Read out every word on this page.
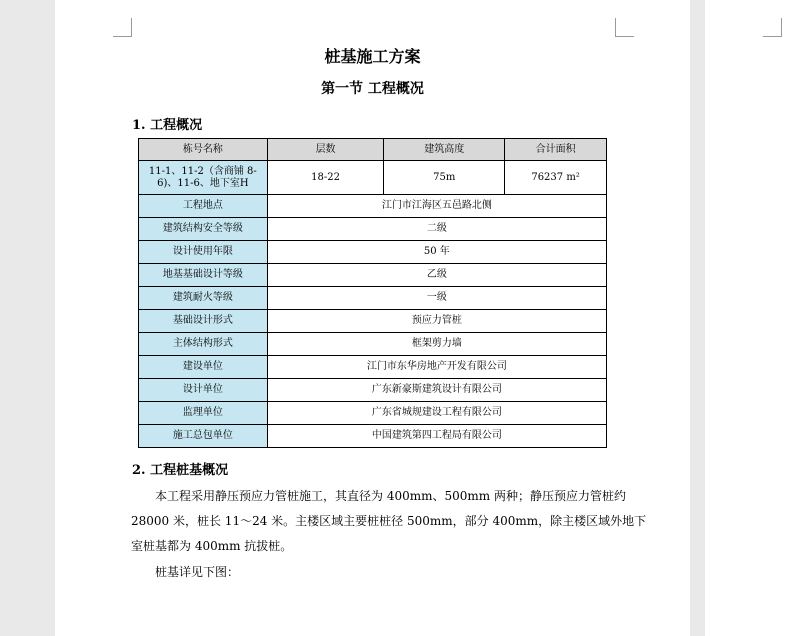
桩基施工方案
第一节 工程概况
1. 工程概况
栋号名称	层数	建筑高度	合计面积
11-1、11-2（含商铺 8-6)、11-6、地下室H	18-22	75m	76237 m²
工程地点	江门市江海区五邑路北侧		
建筑结构安全等级	二级		
设计使用年限	50 年		
地基基础设计等级	乙级		
建筑耐火等级	一级		
基础设计形式	预应力管桩		
主体结构形式	框架剪力墙		
建设单位	江门市东华房地产开发有限公司		
设计单位	广东新豪斯建筑设计有限公司		
监理单位	广东省城规建设工程有限公司		
施工总包单位	中国建筑第四工程局有限公司		
2. 工程桩基概况

本工程采用静压预应力管桩施工，其直径为 400mm、500mm 两种；静压预应力管桩约 28000 米，桩长 11～24 米。主楼区域主要桩桩径 500mm，部分 400mm，除主楼区域外地下室桩基都为 400mm 抗拔桩。

桩基详见下图：
